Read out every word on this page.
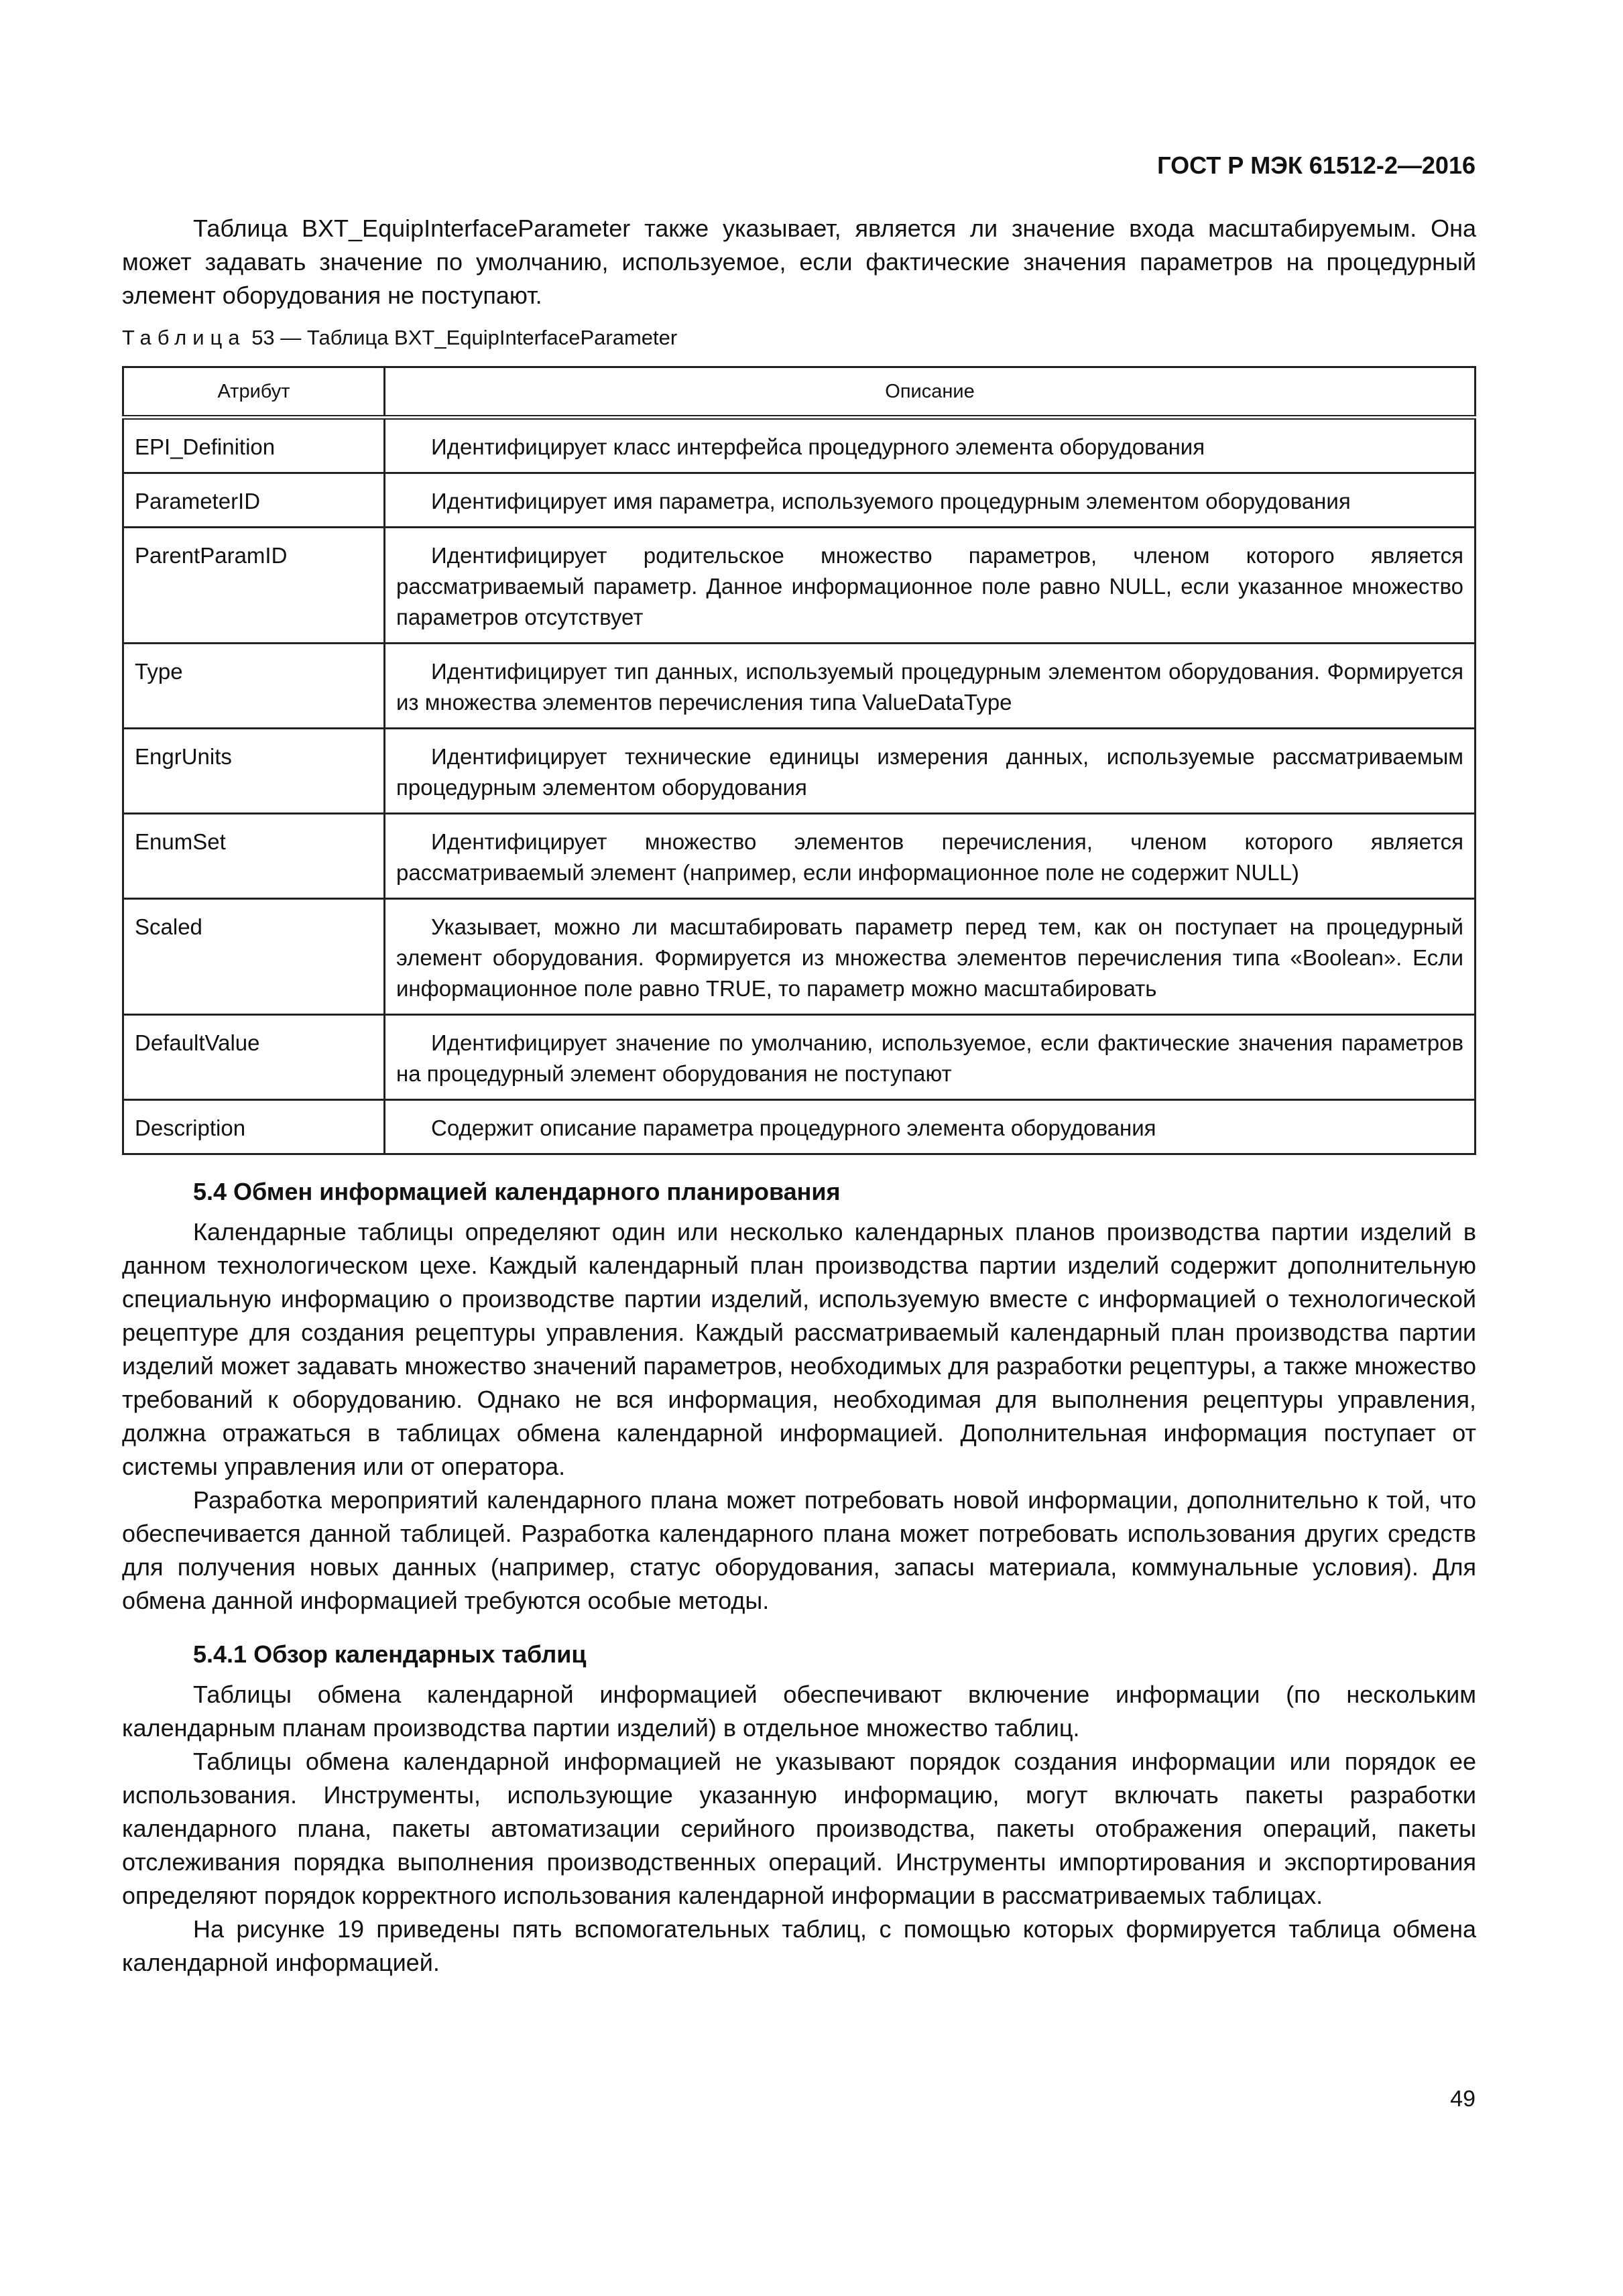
ГОСТ Р МЭК 61512-2—2016

Таблица BXT_EquipInterfaceParameter также указывает, является ли значение входа масштабируемым. Она может задавать значение по умолчанию, используемое, если фактические значения параметров на процедурный элемент оборудования не поступают.

Таблица 53 — Таблица BXT_EquipInterfaceParameter
Атрибут	Описание
EPI_Definition	Идентифицирует класс интерфейса процедурного элемента оборудования
ParameterID	Идентифицирует имя параметра, используемого процедурным элементом оборудования
ParentParamID	Идентифицирует родительское множество параметров, членом которого является рассматриваемый параметр. Данное информационное поле равно NULL, если указанное множество параметров отсутствует
Type	Идентифицирует тип данных, используемый процедурным элементом оборудования. Формируется из множества элементов перечисления типа ValueDataType
EngrUnits	Идентифицирует технические единицы измерения данных, используемые рассматриваемым процедурным элементом оборудования
EnumSet	Идентифицирует множество элементов перечисления, членом которого является рассматриваемый элемент (например, если информационное поле не содержит NULL)
Scaled	Указывает, можно ли масштабировать параметр перед тем, как он поступает на процедурный элемент оборудования. Формируется из множества элементов перечисления типа «Boolean». Если информационное поле равно TRUE, то параметр можно масштабировать
DefaultValue	Идентифицирует значение по умолчанию, используемое, если фактические значения параметров на процедурный элемент оборудования не поступают
Description	Содержит описание параметра процедурного элемента оборудования
5.4 Обмен информацией календарного планирования

Календарные таблицы определяют один или несколько календарных планов производства партии изделий в данном технологическом цехе. Каждый календарный план производства партии изделий содержит дополнительную специальную информацию о производстве партии изделий, используемую вместе с информацией о технологической рецептуре для создания рецептуры управления. Каждый рассматриваемый календарный план производства партии изделий может задавать множество значений параметров, необходимых для разработки рецептуры, а также множество требований к оборудованию. Однако не вся информация, необходимая для выполнения рецептуры управления, должна отражаться в таблицах обмена календарной информацией. Дополнительная информация поступает от системы управления или от оператора.

Разработка мероприятий календарного плана может потребовать новой информации, дополнительно к той, что обеспечивается данной таблицей. Разработка календарного плана может потребовать использования других средств для получения новых данных (например, статус оборудования, запасы материала, коммунальные условия). Для обмена данной информацией требуются особые методы.

5.4.1 Обзор календарных таблиц

Таблицы обмена календарной информацией обеспечивают включение информации (по нескольким календарным планам производства партии изделий) в отдельное множество таблиц.

Таблицы обмена календарной информацией не указывают порядок создания информации или порядок ее использования. Инструменты, использующие указанную информацию, могут включать пакеты разработки календарного плана, пакеты автоматизации серийного производства, пакеты отображения операций, пакеты отслеживания порядка выполнения производственных операций. Инструменты импортирования и экспортирования определяют порядок корректного использования календарной информации в рассматриваемых таблицах.

На рисунке 19 приведены пять вспомогательных таблиц, с помощью которых формируется таблица обмена календарной информацией.

49
